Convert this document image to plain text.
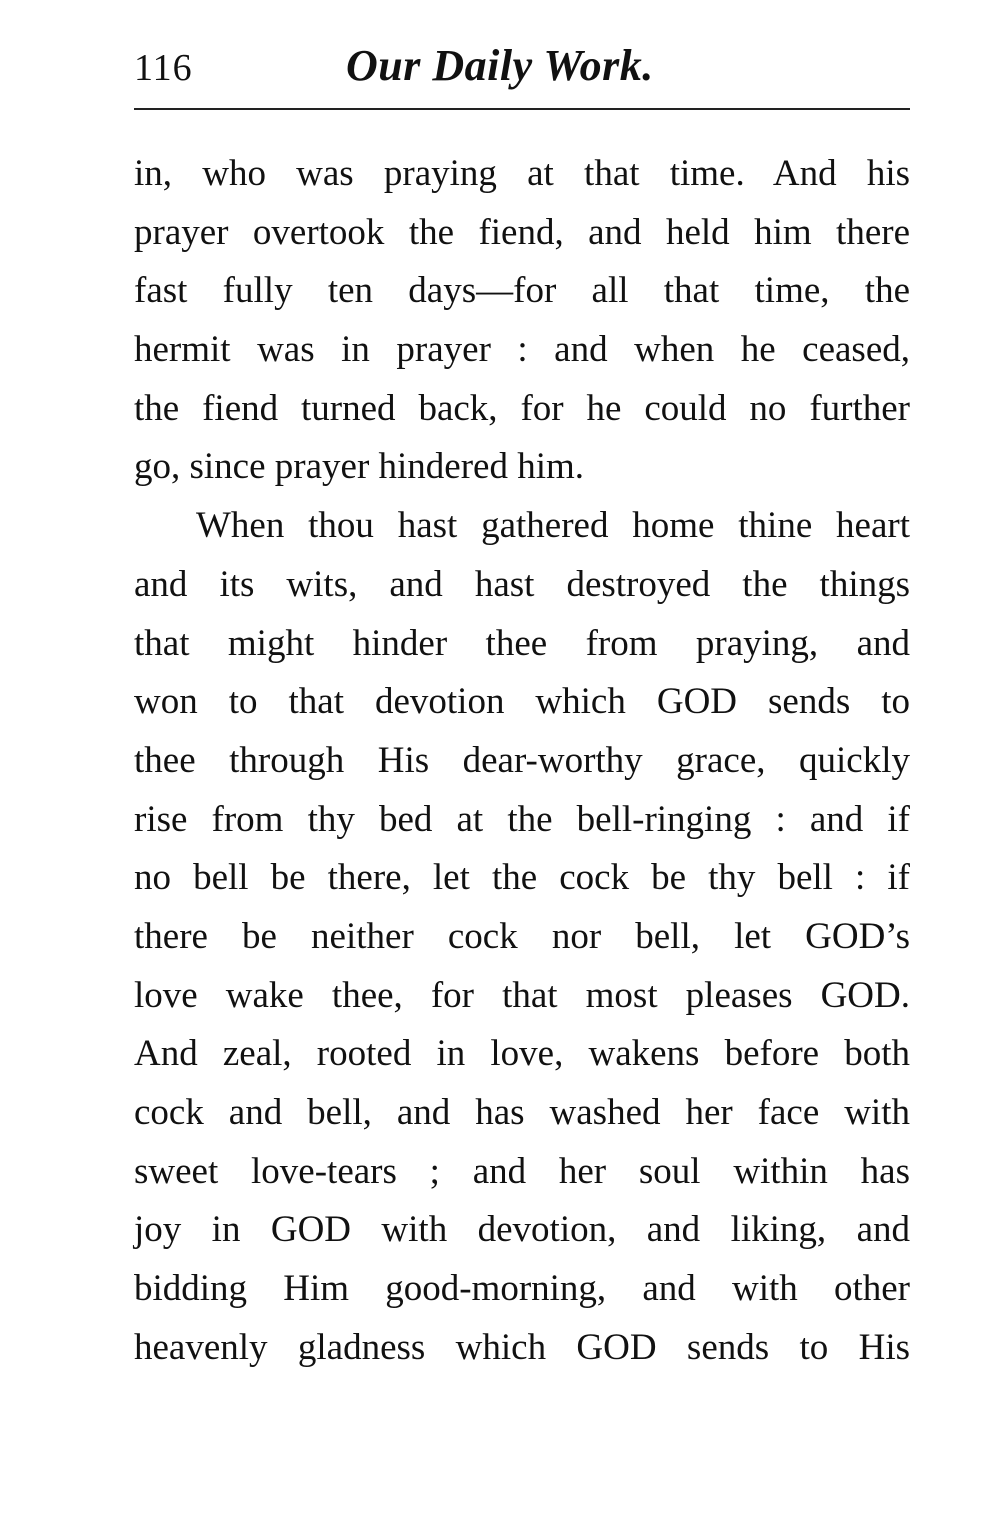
116	Our Daily Work.
in, who was praying at that time. And his
prayer overtook the fiend, and held him there
fast fully ten days—for all that time, the
hermit was in prayer : and when he ceased,
the fiend turned back, for he could no further
go, since prayer hindered him.
When thou hast gathered home thine heart
and its wits, and hast destroyed the things
that might hinder thee from praying, and
won to that devotion which GOD sends to
thee through His dear-worthy grace, quickly
rise from thy bed at the bell-ringing : and if
no bell be there, let the cock be thy bell : if
there be neither cock nor bell, let GOD’s
love wake thee, for that most pleases GOD.
And zeal, rooted in love, wakens before both
cock and bell, and has washed her face with
sweet love-tears ; and her soul within has
joy in GOD with devotion, and liking, and
bidding Him good-morning, and with other
heavenly gladness which GOD sends to His
